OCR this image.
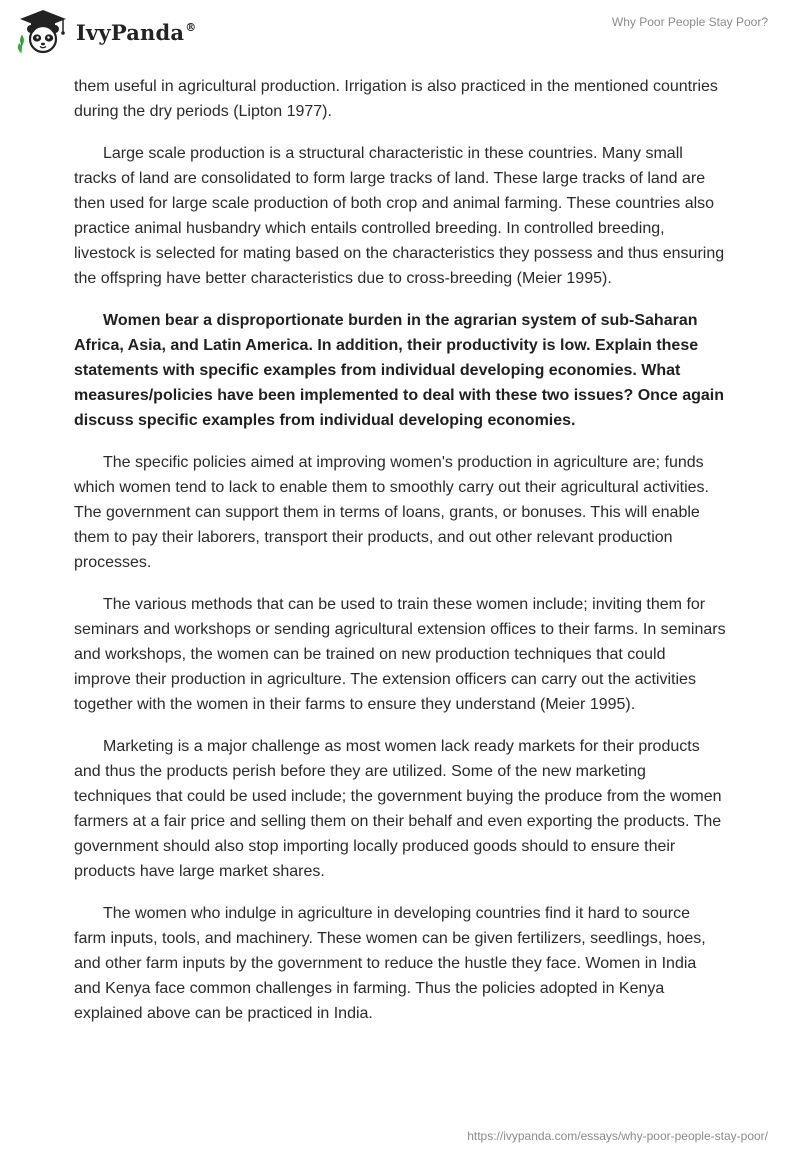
IvyPanda®	Why Poor People Stay Poor?

them useful in agricultural production. Irrigation is also practiced in the mentioned countries during the dry periods (Lipton 1977).

Large scale production is a structural characteristic in these countries. Many small tracks of land are consolidated to form large tracks of land. These large tracks of land are then used for large scale production of both crop and animal farming. These countries also practice animal husbandry which entails controlled breeding. In controlled breeding, livestock is selected for mating based on the characteristics they possess and thus ensuring the offspring have better characteristics due to cross-breeding (Meier 1995).

Women bear a disproportionate burden in the agrarian system of sub-Saharan Africa, Asia, and Latin America. In addition, their productivity is low. Explain these statements with specific examples from individual developing economies. What measures/policies have been implemented to deal with these two issues? Once again discuss specific examples from individual developing economies.

The specific policies aimed at improving women's production in agriculture are; funds which women tend to lack to enable them to smoothly carry out their agricultural activities. The government can support them in terms of loans, grants, or bonuses. This will enable them to pay their laborers, transport their products, and out other relevant production processes.

The various methods that can be used to train these women include; inviting them for seminars and workshops or sending agricultural extension offices to their farms. In seminars and workshops, the women can be trained on new production techniques that could improve their production in agriculture. The extension officers can carry out the activities together with the women in their farms to ensure they understand (Meier 1995).

Marketing is a major challenge as most women lack ready markets for their products and thus the products perish before they are utilized. Some of the new marketing techniques that could be used include; the government buying the produce from the women farmers at a fair price and selling them on their behalf and even exporting the products. The government should also stop importing locally produced goods should to ensure their products have large market shares.

The women who indulge in agriculture in developing countries find it hard to source farm inputs, tools, and machinery. These women can be given fertilizers, seedlings, hoes, and other farm inputs by the government to reduce the hustle they face. Women in India and Kenya face common challenges in farming. Thus the policies adopted in Kenya explained above can be practiced in India.

https://ivypanda.com/essays/why-poor-people-stay-poor/
